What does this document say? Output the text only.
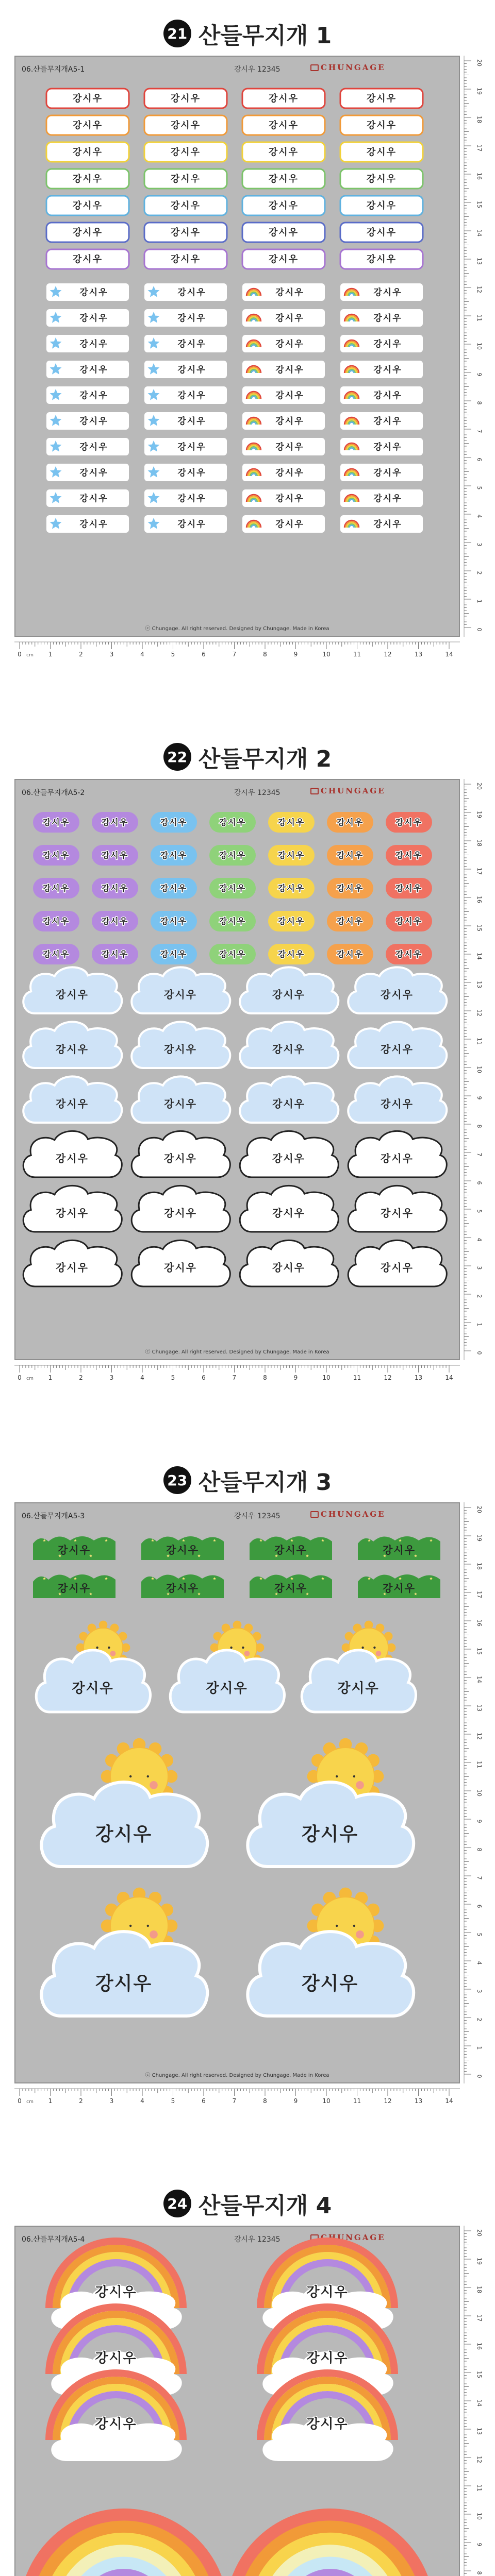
21 산들무지개 1
06.산들무지개A5-1	강시우 12345	CHUNGAGE
강시우	강시우	강시우	강시우
강시우	강시우	강시우	강시우
강시우	강시우	강시우	강시우
강시우	강시우	강시우	강시우
강시우	강시우	강시우	강시우
강시우	강시우	강시우	강시우
강시우	강시우	강시우	강시우
강시우	강시우	강시우	강시우
강시우	강시우	강시우	강시우
강시우	강시우	강시우	강시우
강시우	강시우	강시우	강시우
강시우	강시우	강시우	강시우
강시우	강시우	강시우	강시우
강시우	강시우	강시우	강시우
강시우	강시우	강시우	강시우
강시우	강시우	강시우	강시우
강시우	강시우	강시우	강시우
ⓒ Chungage. All right reserved. Designed by Chungage. Made in Korea
0	1	2	3	4	5	6	7	8	9	10	11	12	13	14
cm
20
19
18
17
16
15
14
13
12
11
10
9
8
7
6
5
4
3
2
1
0
22 산들무지개 2
06.산들무지개A5-2	강시우 12345	CHUNGAGE
강시우	강시우	강시우	강시우	강시우	강시우	강시우
강시우	강시우	강시우	강시우	강시우	강시우	강시우
강시우	강시우	강시우	강시우	강시우	강시우	강시우
강시우	강시우	강시우	강시우	강시우	강시우	강시우
강시우	강시우	강시우	강시우	강시우	강시우	강시우
강시우	강시우	강시우	강시우
강시우	강시우	강시우	강시우
강시우	강시우	강시우	강시우
강시우	강시우	강시우	강시우
강시우	강시우	강시우	강시우
강시우	강시우	강시우	강시우
ⓒ Chungage. All right reserved. Designed by Chungage. Made in Korea
0	1	2	3	4	5	6	7	8	9	10	11	12	13	14
cm
20
19
18
17
16
15
14
13
12
11
10
9
8
7
6
5
4
3
2
1
0
23 산들무지개 3
06.산들무지개A5-3	강시우 12345	CHUNGAGE
강시우	강시우	강시우	강시우
강시우	강시우	강시우	강시우
강시우	강시우	강시우
강시우	강시우
강시우	강시우
ⓒ Chungage. All right reserved. Designed by Chungage. Made in Korea
0	1	2	3	4	5	6	7	8	9	10	11	12	13	14
cm
20
19
18
17
16
15
14
13
12
11
10
9
8
7
6
5
4
3
2
1
0
24 산들무지개 4
06.산들무지개A5-4	강시우 12345	CHUNGAGE
강시우	강시우
강시우	강시우
강시우	강시우
20
19
18
17
16
15
14
13
12
11
10
9
8
